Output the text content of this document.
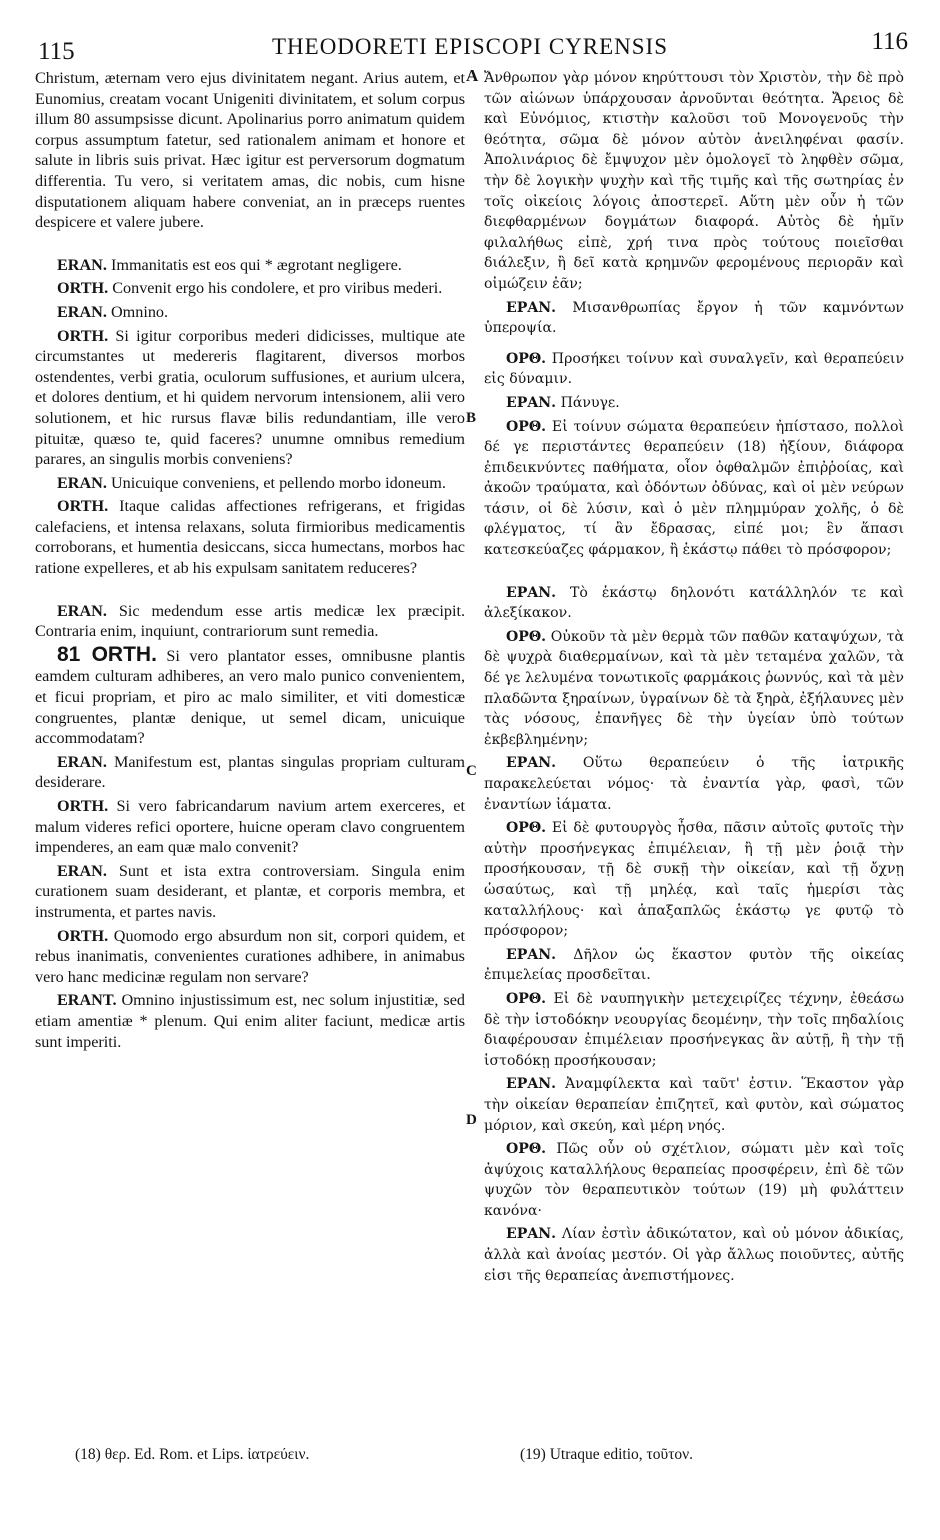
115	THEODORETI EPISCOPI CYRENSIS	116
A
B
C
D

Christum, æternam vero ejus divinitatem negant. Arius autem, et Eunomius, creatam vocant Unigeniti divinitatem, et solum corpus illum 80 assumpsisse dicunt. Apolinarius porro animatum quidem corpus assumptum fatetur, sed rationalem animam et honore et salute in libris suis privat. Hæc igitur est perversorum dogmatum differentia. Tu vero, si veritatem amas, dic nobis, cum hisne disputationem aliquam habere conveniat, an in præceps ruentes despicere et valere jubere.

ERAN. Immanitatis est eos qui * ægrotant negligere.

ORTH. Convenit ergo his condolere, et pro viribus mederi.

ERAN. Omnino.

ORTH. Si igitur corporibus mederi didicisses, multique ate circumstantes ut medereris flagitarent, diversos morbos ostendentes, verbi gratia, oculorum suffusiones, et aurium ulcera, et dolores dentium, et hi quidem nervorum intensionem, alii vero solutionem, et hic rursus flavæ bilis redundantiam, ille vero pituitæ, quæso te, quid faceres? unumne omnibus remedium parares, an singulis morbis conveniens?

ERAN. Unicuique conveniens, et pellendo morbo idoneum.

ORTH. Itaque calidas affectiones refrigerans, et frigidas calefaciens, et intensa relaxans, soluta firmioribus medicamentis corroborans, et humentia desiccans, sicca humectans, morbos hac ratione expelleres, et ab his expulsam sanitatem reduceres?

ERAN. Sic medendum esse artis medicæ lex præcipit. Contraria enim, inquiunt, contrariorum sunt remedia.

81 ORTH. Si vero plantator esses, omnibusne plantis eamdem culturam adhiberes, an vero malo punico convenientem, et ficui propriam, et piro ac malo similiter, et viti domesticæ congruentes, plantæ denique, ut semel dicam, unicuique accommodatam?

ERAN. Manifestum est, plantas singulas propriam culturam desiderare.

ORTH. Si vero fabricandarum navium artem exerceres, et malum videres refici oportere, huicne operam clavo congruentem impenderes, an eam quæ malo convenit?

ERAN. Sunt et ista extra controversiam. Singula enim curationem suam desiderant, et plantæ, et corporis membra, et instrumenta, et partes navis.

ORTH. Quomodo ergo absurdum non sit, corpori quidem, et rebus inanimatis, convenientes curationes adhibere, in animabus vero hanc medicinæ regulam non servare?

ERANT. Omnino injustissimum est, nec solum injustitiæ, sed etiam amentiæ * plenum. Qui enim aliter faciunt, medicæ artis sunt imperiti.

Ἄνθρωπον γὰρ μόνον κηρύττουσι τὸν Χριστὸν, τὴν δὲ πρὸ τῶν αἰώνων ὑπάρχουσαν ἀρνοῦνται θεότητα. Ἄρειος δὲ καὶ Εὐνόμιος, κτιστὴν καλοῦσι τοῦ Μονογενοῦς τὴν θεότητα, σῶμα δὲ μόνον αὐτὸν ἀνειληφέναι φασίν. Ἀπολινάριος δὲ ἔμψυχον μὲν ὁμολογεῖ τὸ ληφθὲν σῶμα, τὴν δὲ λογικὴν ψυχὴν καὶ τῆς τιμῆς καὶ τῆς σωτηρίας ἐν τοῖς οἰκείοις λόγοις ἀποστερεῖ. Αὕτη μὲν οὖν ἡ τῶν διεφθαρμένων δογμάτων διαφορά. Αὐτὸς δὲ ἡμῖν φιλαλήθως εἰπὲ, χρή τινα πρὸς τούτους ποιεῖσθαι διάλεξιν, ἢ δεῖ κατὰ κρημνῶν φερομένους περιορᾶν καὶ οἰμώζειν ἐᾶν;

ΕΡΑΝ. Μισανθρωπίας ἔργον ἡ τῶν καμνόντων ὑπεροψία.

ΟΡΘ. Προσήκει τοίνυν καὶ συναλγεῖν, καὶ θεραπεύειν εἰς δύναμιν.

ΕΡΑΝ. Πάνυγε.

ΟΡΘ. Εἰ τοίνυν σώματα θεραπεύειν ἠπίστασο, πολλοὶ δέ γε περιστάντες θεραπεύειν (18) ἠξίουν, διάφορα ἐπιδεικνύντες παθήματα, οἷον ὀφθαλμῶν ἐπιῤῥοίας, καὶ ἀκοῶν τραύματα, καὶ ὀδόντων ὀδύνας, καὶ οἱ μὲν νεύρων τάσιν, οἱ δὲ λύσιν, καὶ ὁ μὲν πλημμύραν χολῆς, ὁ δὲ φλέγματος, τί ἂν ἔδρασας, εἰπέ μοι; ἓν ἅπασι κατεσκεύαζες φάρμακον, ἢ ἑκάστῳ πάθει τὸ πρόσφορον;

ΕΡΑΝ. Τὸ ἑκάστῳ δηλονότι κατάλληλόν τε καὶ ἀλεξίκακον.

ΟΡΘ. Οὐκοῦν τὰ μὲν θερμὰ τῶν παθῶν καταψύχων, τὰ δὲ ψυχρὰ διαθερμαίνων, καὶ τὰ μὲν τεταμένα χαλῶν, τὰ δέ γε λελυμένα τονωτικοῖς φαρμάκοις ῥωννύς, καὶ τὰ μὲν πλαδῶντα ξηραίνων, ὑγραίνων δὲ τὰ ξηρὰ, ἐξήλαυνες μὲν τὰς νόσους, ἐπανῆγες δὲ τὴν ὑγείαν ὑπὸ τούτων ἐκβεβλημένην;

ΕΡΑΝ. Οὕτω θεραπεύειν ὁ τῆς ἰατρικῆς παρακελεύεται νόμος· τὰ ἐναντία γὰρ, φασὶ, τῶν ἐναντίων ἰάματα.

ΟΡΘ. Εἰ δὲ φυτουργὸς ἦσθα, πᾶσιν αὐτοῖς φυτοῖς τὴν αὐτὴν προσήνεγκας ἐπιμέλειαν, ἢ τῇ μὲν ῥοιᾷ τὴν προσήκουσαν, τῇ δὲ συκῇ τὴν οἰκείαν, καὶ τῇ ὄχνῃ ὡσαύτως, καὶ τῇ μηλέᾳ, καὶ ταῖς ἡμερίσι τὰς καταλλήλους· καὶ ἁπαξαπλῶς ἑκάστῳ γε φυτῷ τὸ πρόσφορον;

ΕΡΑΝ. Δῆλον ὡς ἕκαστον φυτὸν τῆς οἰκείας ἐπιμελείας προσδεῖται.

ΟΡΘ. Εἰ δὲ ναυπηγικὴν μετεχειρίζες τέχνην, ἐθεάσω δὲ τὴν ἱστοδόκην νεουργίας δεομένην, τὴν τοῖς πηδαλίοις διαφέρουσαν ἐπιμέλειαν προσήνεγκας ἂν αὐτῇ, ἢ τὴν τῇ ἱστοδόκῃ προσήκουσαν;

ΕΡΑΝ. Ἀναμφίλεκτα καὶ ταῦτ' ἐστιν. Ἕκαστον γὰρ τὴν οἰκείαν θεραπείαν ἐπιζητεῖ, καὶ φυτὸν, καὶ σώματος μόριον, καὶ σκεύη, καὶ μέρη νηός.

ΟΡΘ. Πῶς οὖν οὐ σχέτλιον, σώματι μὲν καὶ τοῖς ἀψύχοις καταλλήλους θεραπείας προσφέρειν, ἐπὶ δὲ τῶν ψυχῶν τὸν θεραπευτικὸν τούτων (19) μὴ φυλάττειν κανόνα·

ΕΡΑΝ. Λίαν ἐστὶν ἀδικώτατον, καὶ οὐ μόνον ἀδικίας, ἀλλὰ καὶ ἀνοίας μεστόν. Οἱ γὰρ ἄλλως ποιοῦντες, αὐτῆς εἰσι τῆς θεραπείας ἀνεπιστήμονες.

(18) θερ. Ed. Rom. et Lips. ἰατρεύειν.	(19) Utraque editio, τοῦτον.
